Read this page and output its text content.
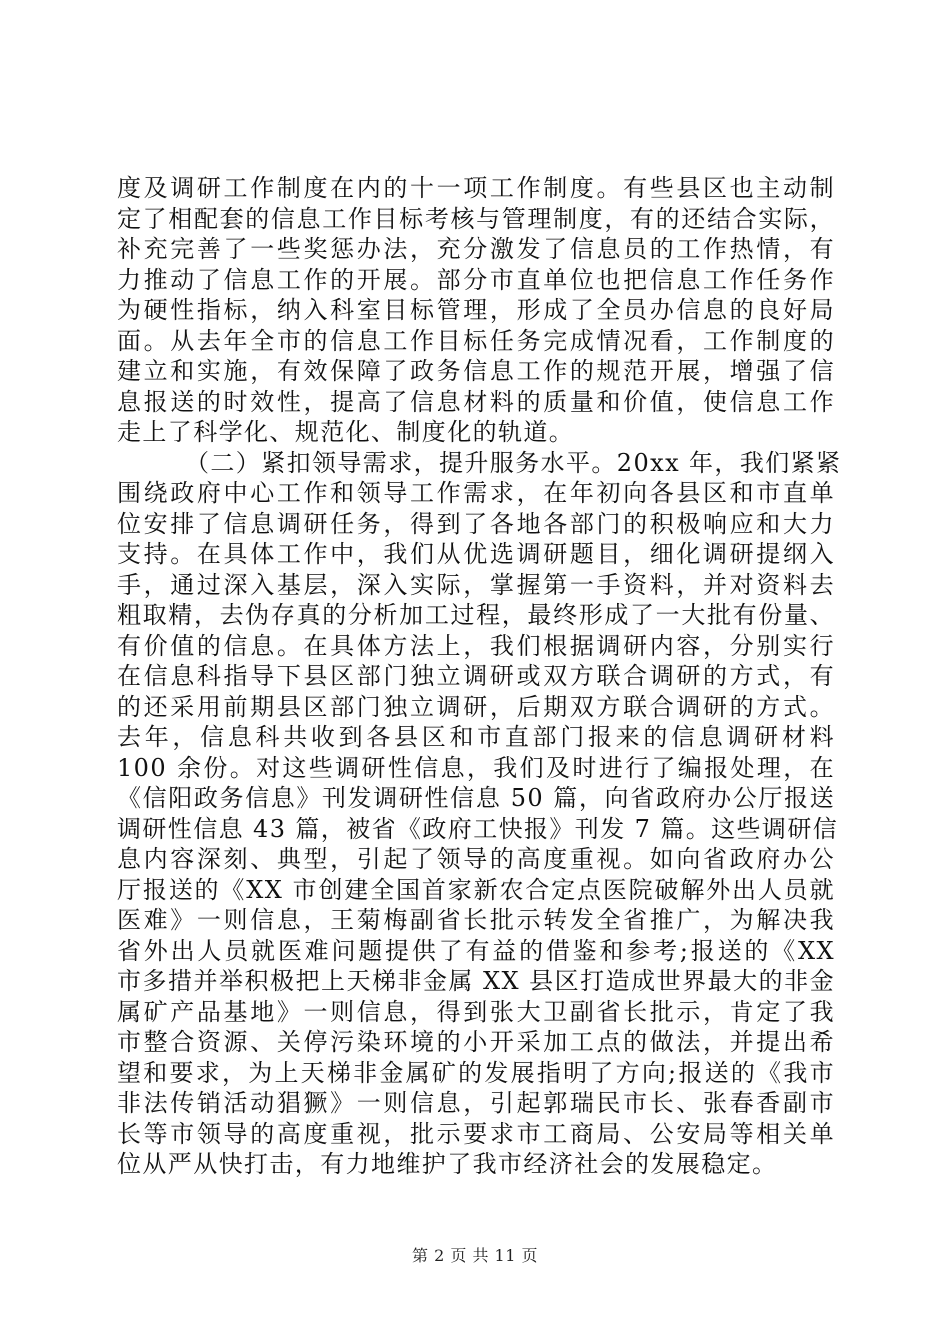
度及调研工作制度在内的十一项工作制度。有些县区也主动制
定了相配套的信息工作目标考核与管理制度，有的还结合实际，
补充完善了一些奖惩办法，充分激发了信息员的工作热情，有
力推动了信息工作的开展。部分市直单位也把信息工作任务作
为硬性指标，纳入科室目标管理，形成了全员办信息的良好局
面。从去年全市的信息工作目标任务完成情况看，工作制度的
建立和实施，有效保障了政务信息工作的规范开展，增强了信
息报送的时效性，提高了信息材料的质量和价值，使信息工作
走上了科学化、规范化、制度化的轨道。
（二）紧扣领导需求，提升服务水平。20xx 年，我们紧紧
围绕政府中心工作和领导工作需求，在年初向各县区和市直单
位安排了信息调研任务，得到了各地各部门的积极响应和大力
支持。在具体工作中，我们从优选调研题目，细化调研提纲入
手，通过深入基层，深入实际，掌握第一手资料，并对资料去
粗取精，去伪存真的分析加工过程，最终形成了一大批有份量、
有价值的信息。在具体方法上，我们根据调研内容，分别实行
在信息科指导下县区部门独立调研或双方联合调研的方式，有
的还采用前期县区部门独立调研，后期双方联合调研的方式。
去年，信息科共收到各县区和市直部门报来的信息调研材料
100 余份。对这些调研性信息，我们及时进行了编报处理，在
《信阳政务信息》刊发调研性信息 50 篇，向省政府办公厅报送
调研性信息 43 篇，被省《政府工快报》刊发 7 篇。这些调研信
息内容深刻、典型，引起了领导的高度重视。如向省政府办公
厅报送的《XX 市创建全国首家新农合定点医院破解外出人员就
医难》一则信息，王菊梅副省长批示转发全省推广，为解决我
省外出人员就医难问题提供了有益的借鉴和参考;报送的《XX
市多措并举积极把上天梯非金属 XX 县区打造成世界最大的非金
属矿产品基地》一则信息，得到张大卫副省长批示，肯定了我
市整合资源、关停污染环境的小开采加工点的做法，并提出希
望和要求，为上天梯非金属矿的发展指明了方向;报送的《我市
非法传销活动猖獗》一则信息，引起郭瑞民市长、张春香副市
长等市领导的高度重视，批示要求市工商局、公安局等相关单
位从严从快打击，有力地维护了我市经济社会的发展稳定。
第 2 页 共 11 页
